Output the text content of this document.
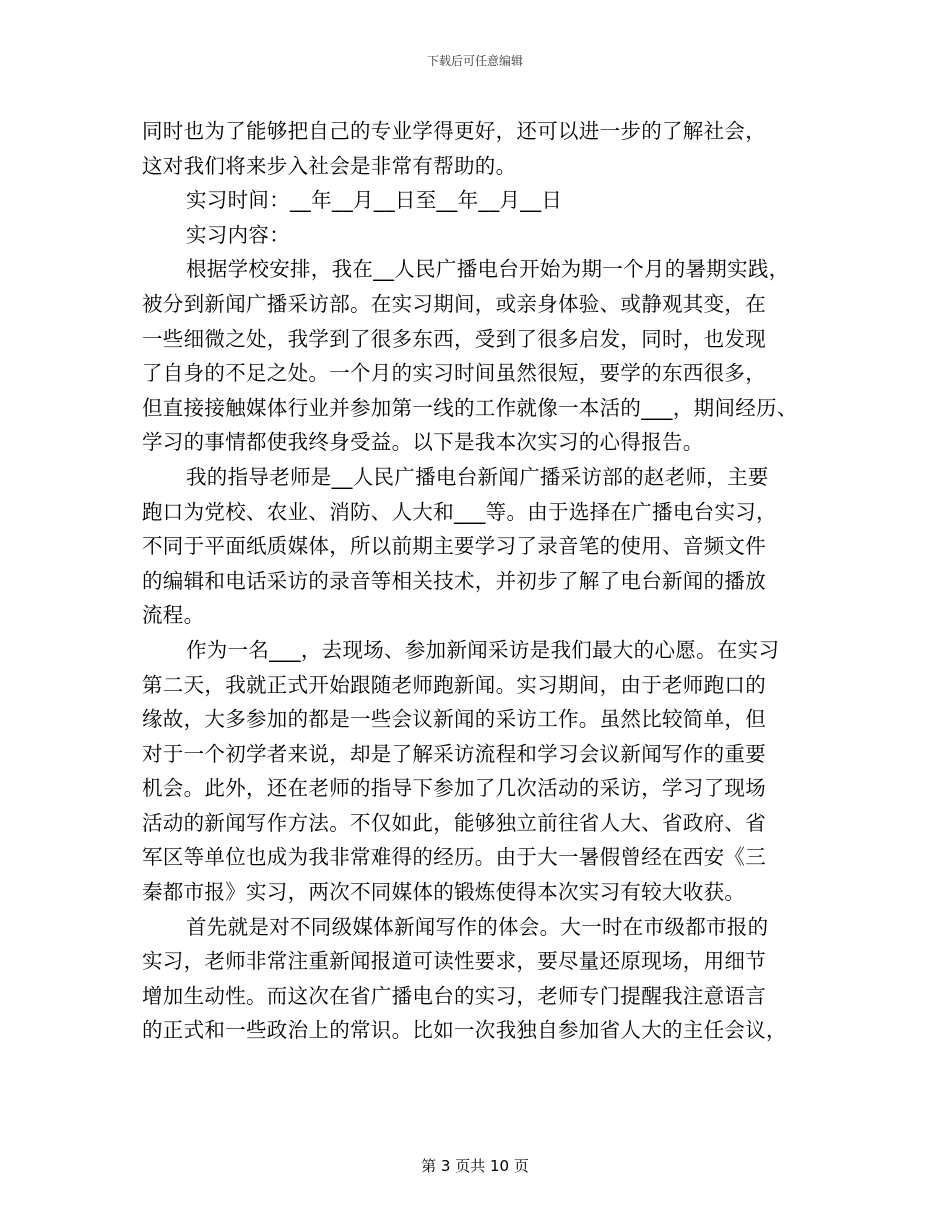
下载后可任意编辑
同时也为了能够把自己的专业学得更好，还可以进一步的了解社会，
这对我们将来步入社会是非常有帮助的。
实习时间：__年__月__日至__年__月__日
实习内容：
根据学校安排，我在__人民广播电台开始为期一个月的暑期实践，
被分到新闻广播采访部。在实习期间，或亲身体验、或静观其变，在
一些细微之处，我学到了很多东西，受到了很多启发，同时，也发现
了自身的不足之处。一个月的实习时间虽然很短，要学的东西很多，
但直接接触媒体行业并参加第一线的工作就像一本活的___，期间经历、
学习的事情都使我终身受益。以下是我本次实习的心得报告。
我的指导老师是__人民广播电台新闻广播采访部的赵老师，主要
跑口为党校、农业、消防、人大和___等。由于选择在广播电台实习，
不同于平面纸质媒体，所以前期主要学习了录音笔的使用、音频文件
的编辑和电话采访的录音等相关技术，并初步了解了电台新闻的播放
流程。
作为一名___，去现场、参加新闻采访是我们最大的心愿。在实习
第二天，我就正式开始跟随老师跑新闻。实习期间，由于老师跑口的
缘故，大多参加的都是一些会议新闻的采访工作。虽然比较简单，但
对于一个初学者来说，却是了解采访流程和学习会议新闻写作的重要
机会。此外，还在老师的指导下参加了几次活动的采访，学习了现场
活动的新闻写作方法。不仅如此，能够独立前往省人大、省政府、省
军区等单位也成为我非常难得的经历。由于大一暑假曾经在西安《三
秦都市报》实习，两次不同媒体的锻炼使得本次实习有较大收获。
首先就是对不同级媒体新闻写作的体会。大一时在市级都市报的
实习，老师非常注重新闻报道可读性要求，要尽量还原现场，用细节
增加生动性。而这次在省广播电台的实习，老师专门提醒我注意语言
的正式和一些政治上的常识。比如一次我独自参加省人大的主任会议，
第 3 页共 10 页
